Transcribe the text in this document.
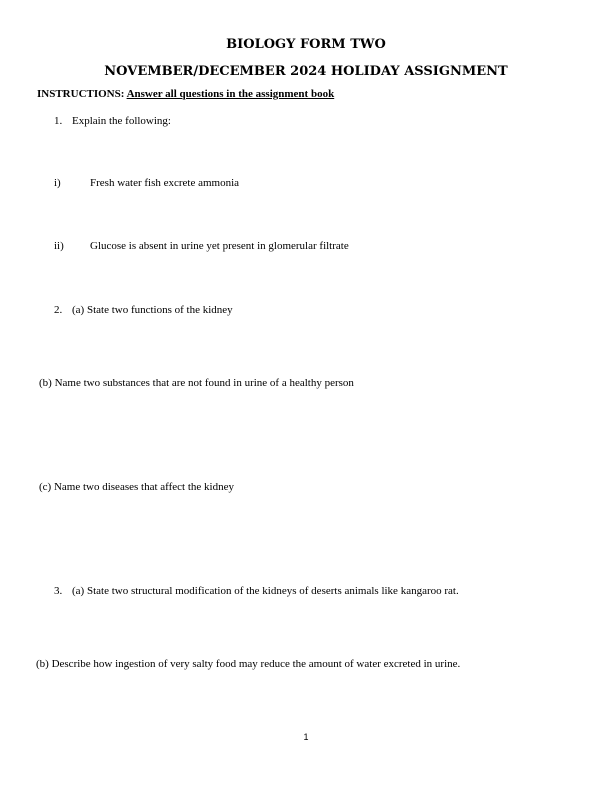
BIOLOGY FORM TWO
NOVEMBER/DECEMBER 2024 HOLIDAY ASSIGNMENT
INSTRUCTIONS: Answer all questions in the assignment book
1. Explain the following:
i)	Fresh water fish excrete ammonia
ii) Glucose is absent in urine yet present in glomerular filtrate
2. (a) State two functions of the kidney
(b) Name two substances that are not found in urine of a healthy person
(c) Name two diseases that affect the kidney
3. (a) State two structural modification of the kidneys of deserts animals like kangaroo rat.
(b) Describe how ingestion of very salty food may reduce the amount of water excreted in urine.
1
